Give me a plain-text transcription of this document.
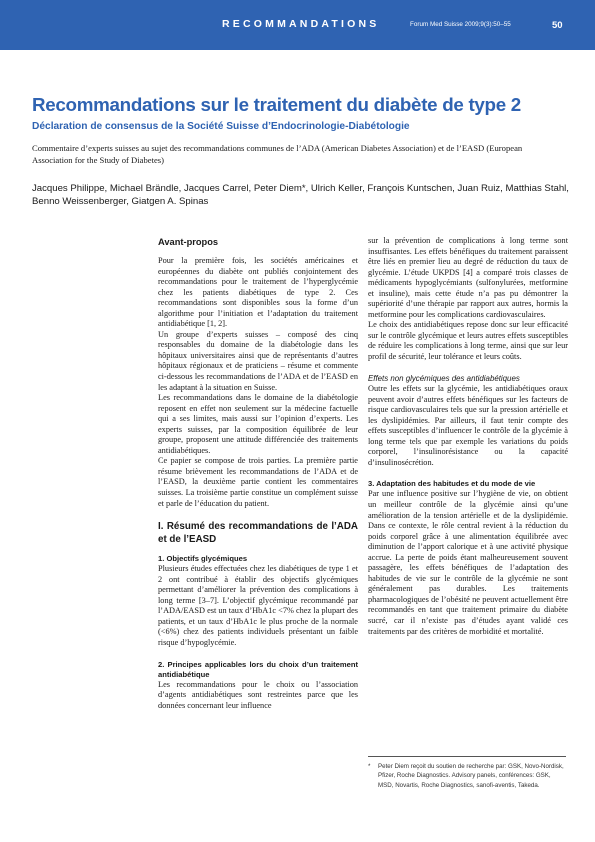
RECOMMANDATIONS	Forum Med Suisse 2009;9(3):50–55	50
Recommandations sur le traitement du diabète de type 2
Déclaration de consensus de la Société Suisse d’Endocrinologie-Diabétologie
Commentaire d’experts suisses au sujet des recommandations communes de l’ADA (American Diabetes Association) et de l’EASD (European Association for the Study of Diabetes)
Jacques Philippe, Michael Brändle, Jacques Carrel, Peter Diem*, Ulrich Keller, François Kuntschen, Juan Ruiz, Matthias Stahl, Benno Weissenberger, Giatgen A. Spinas
Avant-propos

Pour la première fois, les sociétés américaines et européennes du diabète ont publiés conjointement des recommandations pour le traitement de l’hyperglycémie chez les patients diabétiques de type 2. Ces recommandations sont disponibles sous la forme d’un algorithme pour l’initiation et l’adaptation du traitement antidiabétique [1, 2].

Un groupe d’experts suisses – composé des cinq responsables du domaine de la diabétologie dans les hôpitaux universitaires ainsi que de représentants d’autres hôpitaux régionaux et de praticiens – résume et commente ci-dessous les recommandations de l’ADA et de l’EASD en les adaptant à la situation en Suisse.

Les recommandations dans le domaine de la diabétologie reposent en effet non seulement sur la médecine factuelle qui a ses limites, mais aussi sur l’opinion d’experts. Les experts suisses, par la composition équilibrée de leur groupe, proposent une attitude différenciée des traitements antidiabétiques.

Ce papier se compose de trois parties. La première partie résume brièvement les recommandations de l’ADA et de l’EASD, la deuxième partie contient les commentaires suisses. La troisième partie constitue un complément suisse et parle de l’éducation du patient.

I. Résumé des recommandations de l’ADA et de l’EASD
1. Objectifs glycémiques

Plusieurs études effectuées chez les diabétiques de type 1 et 2 ont contribué à établir des objectifs glycémiques permettant d’améliorer la prévention des complications à long terme [3–7]. L’objectif glycémique recommandé par l’ADA/EASD est un taux d’HbA1c <7% chez la plupart des patients, et un taux d’HbA1c le plus proche de la normale (<6%) chez des patients individuels présentant un faible risque d’hypoglycémie.

2. Principes applicables lors du choix d’un traitement antidiabétique

Les recommandations pour le choix ou l’association d’agents antidiabétiques sont restreintes parce que les données concernant leur influence

sur la prévention de complications à long terme sont insuffisantes. Les effets bénéfiques du traitement paraissent être liés en premier lieu au degré de réduction du taux de glycémie. L’étude UKPDS [4] a comparé trois classes de médicaments hypoglycémiants (sulfonylurées, metformine et insuline), mais cette étude n’a pas pu démontrer la supériorité d’une thérapie par rapport aux autres, hormis la metformine pour les complications cardiovasculaires.

Le choix des antidiabétiques repose donc sur leur efficacité sur le contrôle glycémique et leurs autres effets susceptibles de réduire les complications à long terme, ainsi que sur leur profil de sécurité, leur tolérance et leurs coûts.

Effets non glycémiques des antidiabétiques

Outre les effets sur la glycémie, les antidiabétiques oraux peuvent avoir d’autres effets bénéfiques sur les facteurs de risque cardiovasculaires tels que sur la pression artérielle et les dyslipidémies. Par ailleurs, il faut tenir compte des effets susceptibles d’influencer le contrôle de la glycémie à long terme tels que par exemple les variations du poids corporel, l’insulinorésistance ou la capacité d’insulinosécrétion.

3. Adaptation des habitudes et du mode de vie

Par une influence positive sur l’hygiène de vie, on obtient un meilleur contrôle de la glycémie ainsi qu’une amélioration de la tension artérielle et de la dyslipidémie. Dans ce contexte, le rôle central revient à la réduction du poids corporel grâce à une alimentation équilibrée avec diminution de l’apport calorique et à une activité physique accrue. La perte de poids étant malheureusement souvent passagère, les effets bénéfiques de l’adaptation des habitudes de vie sur le contrôle de la glycémie ne sont généralement pas durables. Les traitements pharmacologiques de l’obésité ne peuvent actuellement être recommandés en tant que traitement primaire du diabète sucré, car il n’existe pas d’études ayant validé ces traitements par des critères de morbidité et mortalité.

* Peter Diem reçoit du soutien de recherche par: GSK, Novo-Nordisk, Pfizer, Roche Diagnostics. Advisory panels, conférences: GSK, MSD, Novartis, Roche Diagnostics, sanofi-aventis, Takeda.
